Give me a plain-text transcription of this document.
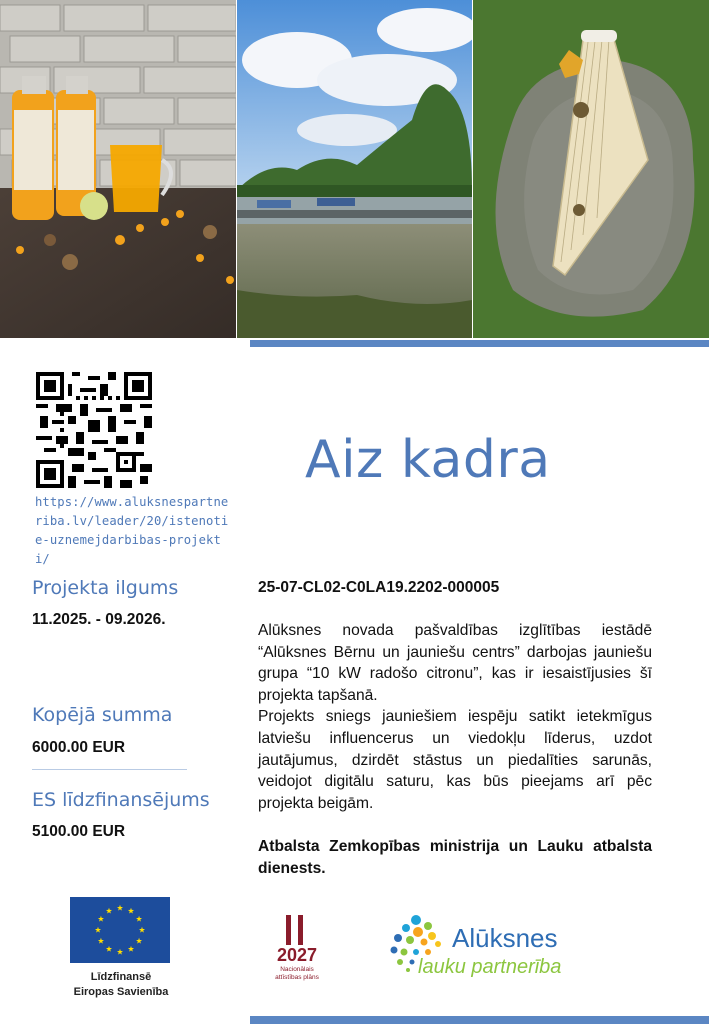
https://www.aluksnespartneriba.lv/leader/20/istenotie-uznemejdarbibas-projekti/
Aiz kadra
Projekta ilgums
11.2025. - 09.2026.
Kopējā summa
6000.00 EUR
ES līdzfinansējums
5100.00 EUR
25-07-CL02-C0LA19.2202-000005

Alūksnes novada pašvaldības izglītības iestādē “Alūksnes Bērnu un jauniešu centrs” darbojas jauniešu grupa “10 kW radošo citronu”, kas ir iesaistījusies šī projekta tapšanā.

Projekts sniegs jauniešiem iespēju satikt ietekmīgus latviešu influencerus un viedokļu līderus, uzdot jautājumus, dzirdēt stāstus un piedalīties sarunās, veidojot digitālu saturu, kas būs pieejams arī pēc projekta beigām.

Atbalsta Zemkopības ministrija un Lauku atbalsta dienests.
Līdzfinansē
Eiropas Savienība
2027
Nacionālais
attīstības plāns
Alūksnes
lauku partnerība
